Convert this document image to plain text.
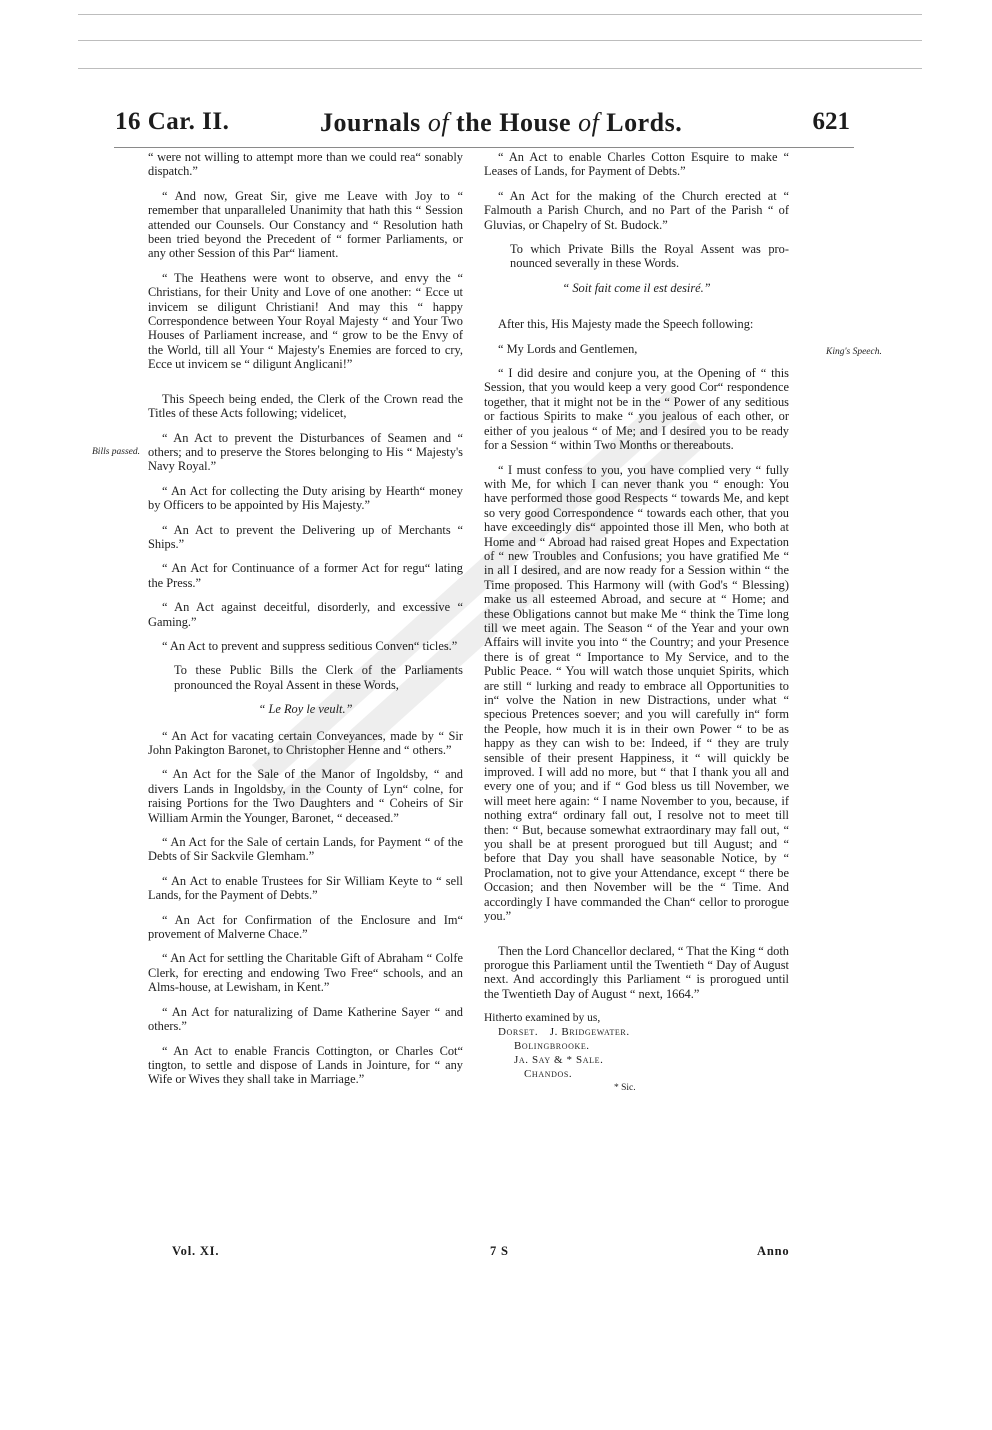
16 Car. II.	Journals of the House of Lords.	621
Bills passed.
King's Speech.

“ were not willing to attempt more than we could rea“ sonably dispatch.”

“ And now, Great Sir, give me Leave with Joy to “ remember that unparalleled Unanimity that hath this “ Session attended our Counsels. Our Constancy and “ Resolution hath been tried beyond the Precedent of “ former Parliaments, or any other Session of this Par“ liament.

“ The Heathens were wont to observe, and envy the “ Christians, for their Unity and Love of one another: “ Ecce ut invicem se diligunt Christiani! And may this “ happy Correspondence between Your Royal Majesty “ and Your Two Houses of Parliament increase, and “ grow to be the Envy of the World, till all Your “ Majesty's Enemies are forced to cry, Ecce ut invicem se “ diligunt Anglicani!”

This Speech being ended, the Clerk of the Crown read the Titles of these Acts following; videlicet,

“ An Act to prevent the Disturbances of Seamen and “ others; and to preserve the Stores belonging to His “ Majesty's Navy Royal.”

“ An Act for collecting the Duty arising by Hearth“ money by Officers to be appointed by His Majesty.”

“ An Act to prevent the Delivering up of Merchants “ Ships.”

“ An Act for Continuance of a former Act for regu“ lating the Press.”

“ An Act against deceitful, disorderly, and excessive “ Gaming.”

“ An Act to prevent and suppress seditious Conven“ ticles.”

To these Public Bills the Clerk of the Parliaments pronounced the Royal Assent in these Words,

“ Le Roy le veult.”

“ An Act for vacating certain Conveyances, made by “ Sir John Pakington Baronet, to Christopher Henne and “ others.”

“ An Act for the Sale of the Manor of Ingoldsby, “ and divers Lands in Ingoldsby, in the County of Lyn“ colne, for raising Portions for the Two Daughters and “ Coheirs of Sir William Armin the Younger, Baronet, “ deceased.”

“ An Act for the Sale of certain Lands, for Payment “ of the Debts of Sir Sackvile Glemham.”

“ An Act to enable Trustees for Sir William Keyte to “ sell Lands, for the Payment of Debts.”

“ An Act for Confirmation of the Enclosure and Im“ provement of Malverne Chace.”

“ An Act for settling the Charitable Gift of Abraham “ Colfe Clerk, for erecting and endowing Two Free“ schools, and an Alms-house, at Lewisham, in Kent.”

“ An Act for naturalizing of Dame Katherine Sayer “ and others.”

“ An Act to enable Francis Cottington, or Charles Cot“ tington, to settle and dispose of Lands in Jointure, for “ any Wife or Wives they shall take in Marriage.”

“ An Act to enable Charles Cotton Esquire to make “ Leases of Lands, for Payment of Debts.”

“ An Act for the making of the Church erected at “ Falmouth a Parish Church, and no Part of the Parish “ of Gluvias, or Chapelry of St. Budock.”

To which Private Bills the Royal Assent was pronounced severally in these Words.

“ Soit fait come il est desiré.”

After this, His Majesty made the Speech following:

“ My Lords and Gentlemen,

“ I did desire and conjure you, at the Opening of “ this Session, that you would keep a very good Cor“ respondence together, that it might not be in the “ Power of any seditious or factious Spirits to make “ you jealous of each other, or either of you jealous “ of Me; and I desired you to be ready for a Session “ within Two Months or thereabouts.

“ I must confess to you, you have complied very “ fully with Me, for which I can never thank you “ enough: You have performed those good Respects “ towards Me, and kept so very good Correspondence “ towards each other, that you have exceedingly dis“ appointed those ill Men, who both at Home and “ Abroad had raised great Hopes and Expectation of “ new Troubles and Confusions; you have gratified Me “ in all I desired, and are now ready for a Session within “ the Time proposed. This Harmony will (with God's “ Blessing) make us all esteemed Abroad, and secure at “ Home; and these Obligations cannot but make Me “ think the Time long till we meet again. The Season “ of the Year and your own Affairs will invite you into “ the Country; and your Presence there is of great “ Importance to My Service, and to the Public Peace. “ You will watch those unquiet Spirits, which are still “ lurking and ready to embrace all Opportunities to in“ volve the Nation in new Distractions, under what “ specious Pretences soever; and you will carefully in“ form the People, how much it is in their own Power “ to be as happy as they can wish to be: Indeed, if “ they are truly sensible of their present Happiness, it “ will quickly be improved. I will add no more, but “ that I thank you all and every one of you; and if “ God bless us till November, we will meet here again: “ I name November to you, because, if nothing extra“ ordinary fall out, I resolve not to meet till then: “ But, because somewhat extraordinary may fall out, “ you shall be at present prorogued but till August; and “ before that Day you shall have seasonable Notice, by “ Proclamation, not to give your Attendance, except “ there be Occasion; and then November will be the “ Time. And accordingly I have commanded the Chan“ cellor to prorogue you.”

Then the Lord Chancellor declared, “ That the King “ doth prorogue this Parliament until the Twentieth “ Day of August next. And accordingly this Parliament “ is prorogued until the Twentieth Day of August “ next, 1664.”

Hitherto examined by us,
Dorset. J. Bridgewater.
Bolingbrooke.
Ja. Say & * Sale.
Chandos.
* Sic.
Vol. XI.	7 S	Anno
